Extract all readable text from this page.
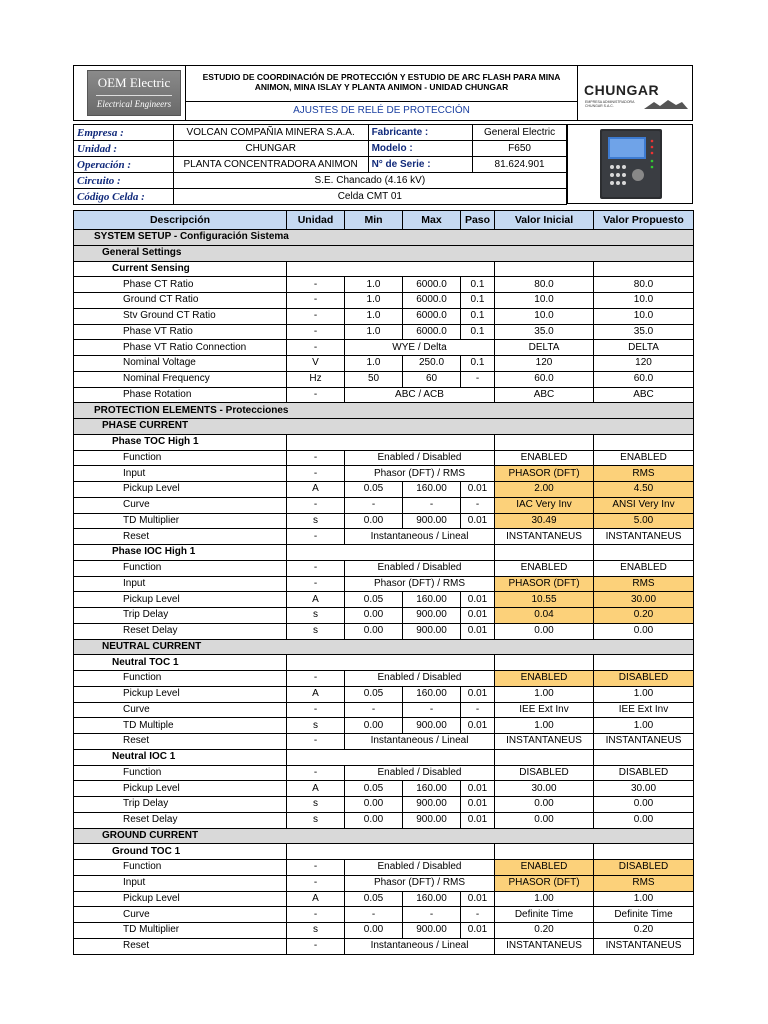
OEM Electric
Electrical Engineers
ESTUDIO DE COORDINACIÓN DE PROTECCIÓN Y ESTUDIO DE ARC FLASH PARA MINA
ANIMON, MINA ISLAY Y PLANTA ANIMON - UNIDAD CHUNGAR
AJUSTES DE RELÉ DE PROTECCIÓN
CHUNGAR
EMPRESA ADMINISTRADORA
CHUNGAR S.A.C.
Empresa :	VOLCAN COMPAÑIA MINERA S.A.A.	Fabricante :	General Electric
Unidad :	CHUNGAR	Modelo :	F650
Operación :	PLANTA CONCENTRADORA ANIMON	N° de Serie :	81.624.901
Circuito :	S.E. Chancado (4.16 kV)		
Código Celda :	Celda CMT 01		
Descripción	Unidad	Min	Max	Paso	Valor Inicial	Valor Propuesto
SYSTEM SETUP - Configuración Sistema						
General Settings						
Current Sensing						
Phase CT Ratio	-	1.0	6000.0	0.1	80.0	80.0
Ground CT Ratio	-	1.0	6000.0	0.1	10.0	10.0
Stv Ground CT Ratio	-	1.0	6000.0	0.1	10.0	10.0
Phase VT Ratio	-	1.0	6000.0	0.1	35.0	35.0
Phase VT Ratio Connection	-	WYE / Delta			DELTA	DELTA
Nominal Voltage	V	1.0	250.0	0.1	120	120
Nominal Frequency	Hz	50	60	-	60.0	60.0
Phase Rotation	-	ABC / ACB			ABC	ABC
PROTECTION ELEMENTS - Protecciones						
PHASE CURRENT						
Phase TOC High 1						
Function	-	Enabled / Disabled			ENABLED	ENABLED
Input	-	Phasor (DFT) / RMS			PHASOR (DFT)	RMS
Pickup Level	A	0.05	160.00	0.01	2.00	4.50
Curve	-	-	-	-	IAC Very Inv	ANSI Very Inv
TD Multiplier	s	0.00	900.00	0.01	30.49	5.00
Reset	-	Instantaneous / Lineal			INSTANTANEUS	INSTANTANEUS
Phase IOC High 1						
Function	-	Enabled / Disabled			ENABLED	ENABLED
Input	-	Phasor (DFT) / RMS			PHASOR (DFT)	RMS
Pickup Level	A	0.05	160.00	0.01	10.55	30.00
Trip Delay	s	0.00	900.00	0.01	0.04	0.20
Reset Delay	s	0.00	900.00	0.01	0.00	0.00
NEUTRAL CURRENT						
Neutral TOC 1						
Function	-	Enabled / Disabled			ENABLED	DISABLED
Pickup Level	A	0.05	160.00	0.01	1.00	1.00
Curve	-	-	-	-	IEE Ext Inv	IEE Ext Inv
TD Multiple	s	0.00	900.00	0.01	1.00	1.00
Reset	-	Instantaneous / Lineal			INSTANTANEUS	INSTANTANEUS
Neutral IOC 1						
Function	-	Enabled / Disabled			DISABLED	DISABLED
Pickup Level	A	0.05	160.00	0.01	30.00	30.00
Trip Delay	s	0.00	900.00	0.01	0.00	0.00
Reset Delay	s	0.00	900.00	0.01	0.00	0.00
GROUND CURRENT						
Ground TOC 1						
Function	-	Enabled / Disabled			ENABLED	DISABLED
Input	-	Phasor (DFT) / RMS			PHASOR (DFT)	RMS
Pickup Level	A	0.05	160.00	0.01	1.00	1.00
Curve	-	-	-	-	Definite Time	Definite Time
TD Multiplier	s	0.00	900.00	0.01	0.20	0.20
Reset	-	Instantaneous / Lineal			INSTANTANEUS	INSTANTANEUS
